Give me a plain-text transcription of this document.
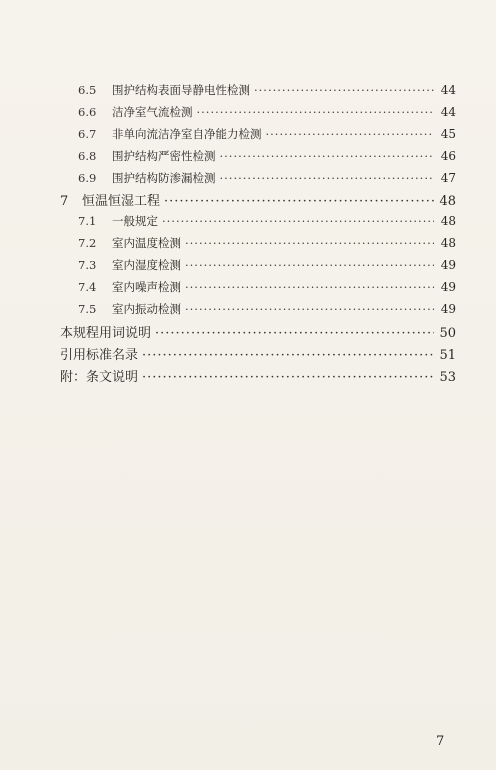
6.5	围护结构表面导静电性检测 ·····	44
6.6	洁净室气流检测 ·····	44
6.7	非单向流洁净室自净能力检测 ·····	45
6.8	围护结构严密性检测 ·····	46
6.9	围护结构防渗漏检测 ·····	47
7	恒温恒湿工程 ·····	48
7.1	一般规定 ·····	48
7.2	室内温度检测 ·····	48
7.3	室内湿度检测 ·····	49
7.4	室内噪声检测 ·····	49
7.5	室内振动检测 ·····	49
本规程用词说明 ·····	50
引用标准名录 ·····	51
附：条文说明 ·····	53
7
